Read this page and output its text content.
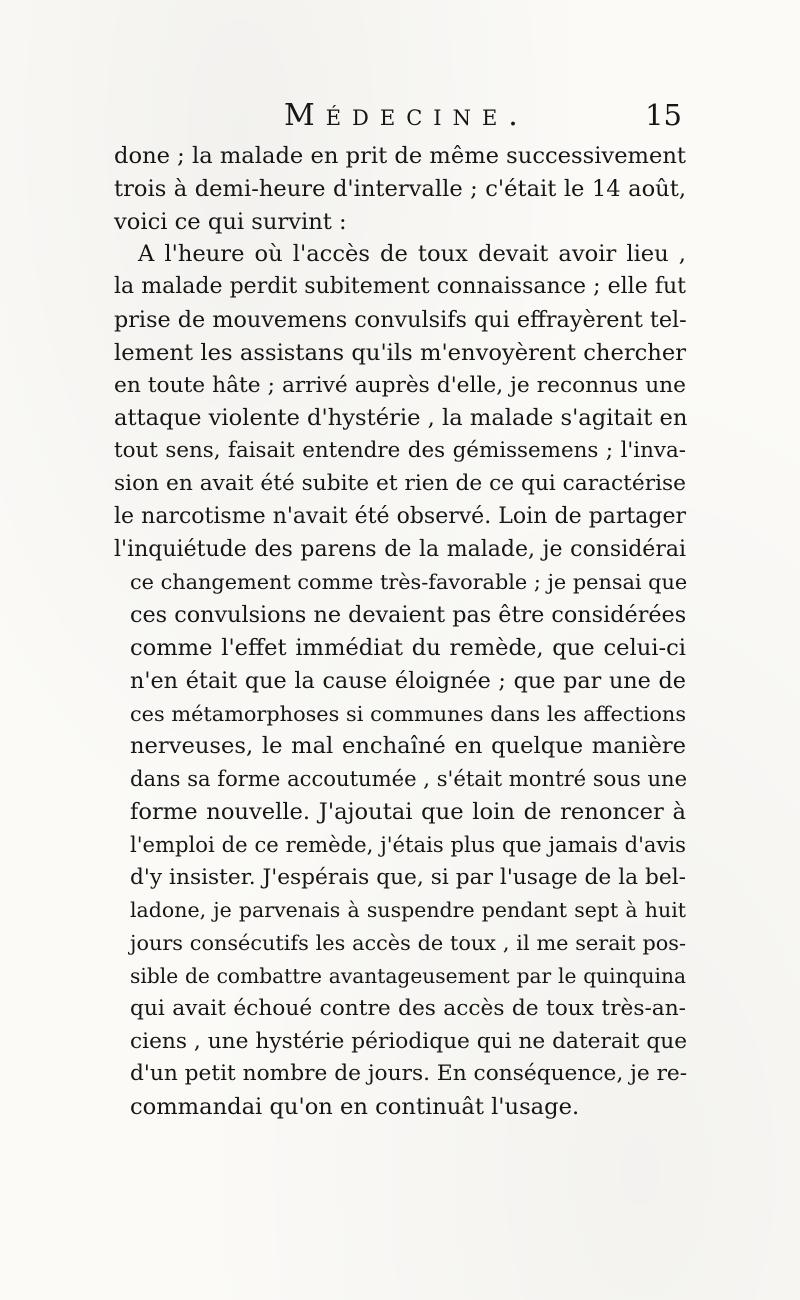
Médecine.	15
done ; la malade en prit de même successivement
trois à demi-heure d'intervalle ; c'était le 14 août,
voici ce qui survint :
A l'heure où l'accès de toux devait avoir lieu ,
la malade perdit subitement connaissance ; elle fut
prise de mouvemens convulsifs qui effrayèrent tel-
lement les assistans qu'ils m'envoyèrent chercher
en toute hâte ; arrivé auprès d'elle, je reconnus une
attaque violente d'hystérie , la malade s'agitait en
tout sens, faisait entendre des gémissemens ; l'inva-
sion en avait été subite et rien de ce qui caractérise
le narcotisme n'avait été observé. Loin de partager
l'inquiétude des parens de la malade, je considérai
ce changement comme très-favorable ; je pensai que
ces convulsions ne devaient pas être considérées
comme l'effet immédiat du remède, que celui-ci
n'en était que la cause éloignée ; que par une de
ces métamorphoses si communes dans les affections
nerveuses, le mal enchaîné en quelque manière
dans sa forme accoutumée , s'était montré sous une
forme nouvelle. J'ajoutai que loin de renoncer à
l'emploi de ce remède, j'étais plus que jamais d'avis
d'y insister. J'espérais que, si par l'usage de la bel-
ladone, je parvenais à suspendre pendant sept à huit
jours consécutifs les accès de toux , il me serait pos-
sible de combattre avantageusement par le quinquina
qui avait échoué contre des accès de toux très-an-
ciens , une hystérie périodique qui ne daterait que
d'un petit nombre de jours. En conséquence, je re-
commandai qu'on en continuât l'usage.
